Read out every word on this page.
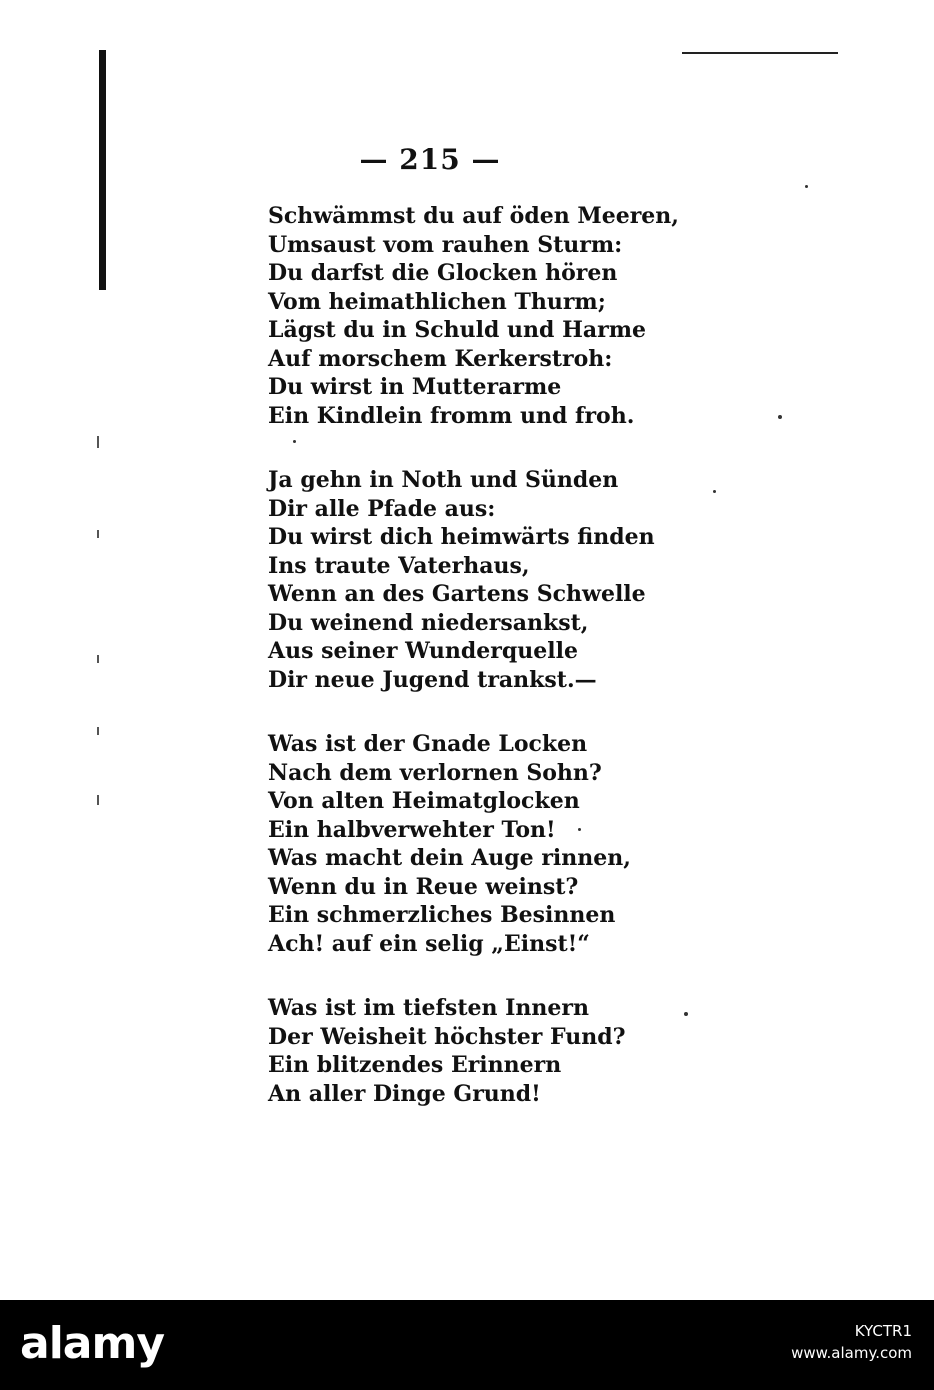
— 215 —
Schwämmst du auf öden Meeren,
Umsaust vom rauhen Sturm:
Du darfst die Glocken hören
Vom heimathlichen Thurm;
Lägst du in Schuld und Harme
Auf morschem Kerkerstroh:
Du wirst in Mutterarme
Ein Kindlein fromm und froh.
Ja gehn in Noth und Sünden
Dir alle Pfade aus:
Du wirst dich heimwärts finden
Ins traute Vaterhaus,
Wenn an des Gartens Schwelle
Du weinend niedersankst,
Aus seiner Wunderquelle
Dir neue Jugend trankst.—
Was ist der Gnade Locken
Nach dem verlornen Sohn?
Von alten Heimatglocken
Ein halbverwehter Ton!
Was macht dein Auge rinnen,
Wenn du in Reue weinst?
Ein schmerzliches Besinnen
Ach! auf ein selig „Einst!“
Was ist im tiefsten Innern
Der Weisheit höchster Fund?
Ein blitzendes Erinnern
An aller Dinge Grund!
alamy	KYCTR1
www.alamy.com
